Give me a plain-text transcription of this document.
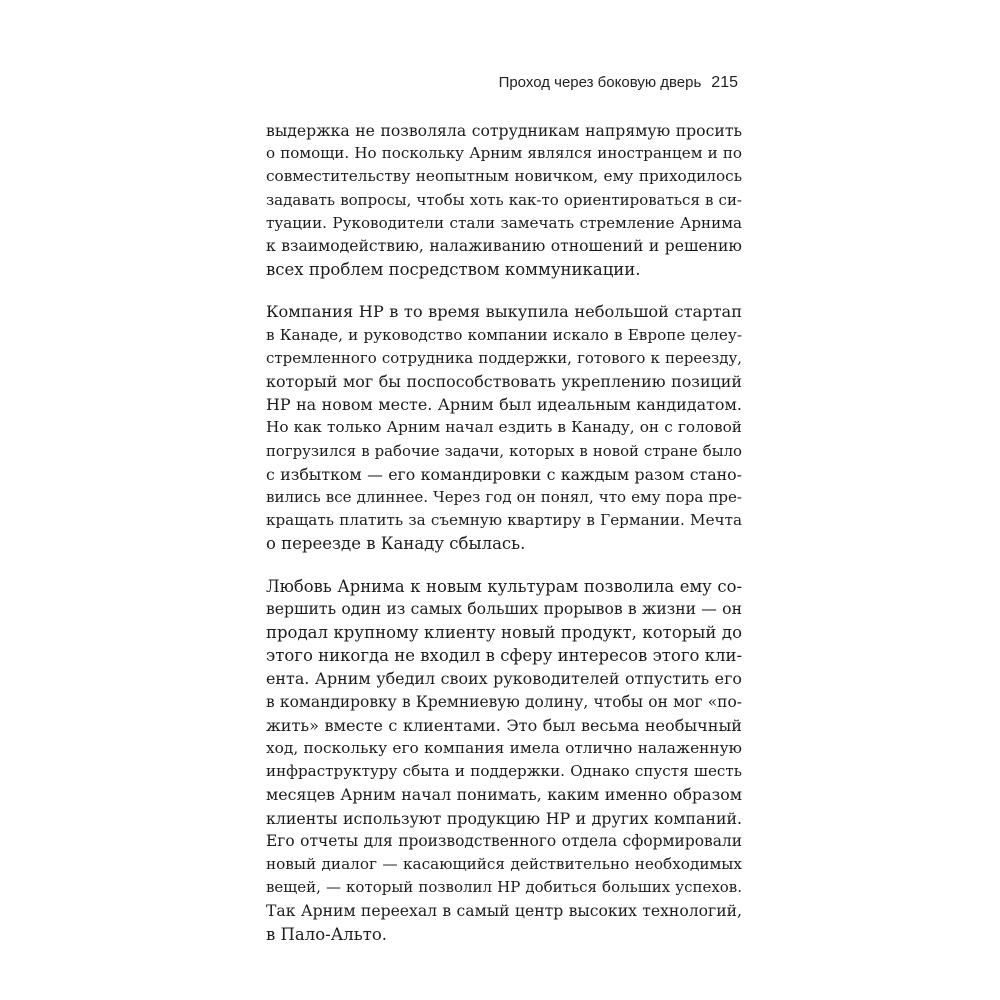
Проход через боковую дверь 215

выдержка не позволяла сотрудникам напрямую просить
о помощи. Но поскольку Арним являлся иностранцем и по
совместительству неопытным новичком, ему приходилось
задавать вопросы, чтобы хоть как-то ориентироваться в си-
туации. Руководители стали замечать стремление Арнима
к взаимодействию, налаживанию отношений и решению
всех проблем посредством коммуникации.

Компания HP в то время выкупила небольшой стартап
в Канаде, и руководство компании искало в Европе целеу-
стремленного сотрудника поддержки, готового к переезду,
который мог бы поспособствовать укреплению позиций
HP на новом месте. Арним был идеальным кандидатом.
Но как только Арним начал ездить в Канаду, он с головой
погрузился в рабочие задачи, которых в новой стране было
с избытком — его командировки с каждым разом стано-
вились все длиннее. Через год он понял, что ему пора пре-
кращать платить за съемную квартиру в Германии. Мечта
о переезде в Канаду сбылась.

Любовь Арнима к новым культурам позволила ему со-
вершить один из самых больших прорывов в жизни — он
продал крупному клиенту новый продукт, который до
этого никогда не входил в сферу интересов этого кли-
ента. Арним убедил своих руководителей отпустить его
в командировку в Кремниевую долину, чтобы он мог «по-
жить» вместе с клиентами. Это был весьма необычный
ход, поскольку его компания имела отлично налаженную
инфраструктуру сбыта и поддержки. Однако спустя шесть
месяцев Арним начал понимать, каким именно образом
клиенты используют продукцию HP и других компаний.
Его отчеты для производственного отдела сформировали
новый диалог — касающийся действительно необходимых
вещей, — который позволил HP добиться больших успехов.
Так Арним переехал в самый центр высоких технологий,
в Пало-Альто.
